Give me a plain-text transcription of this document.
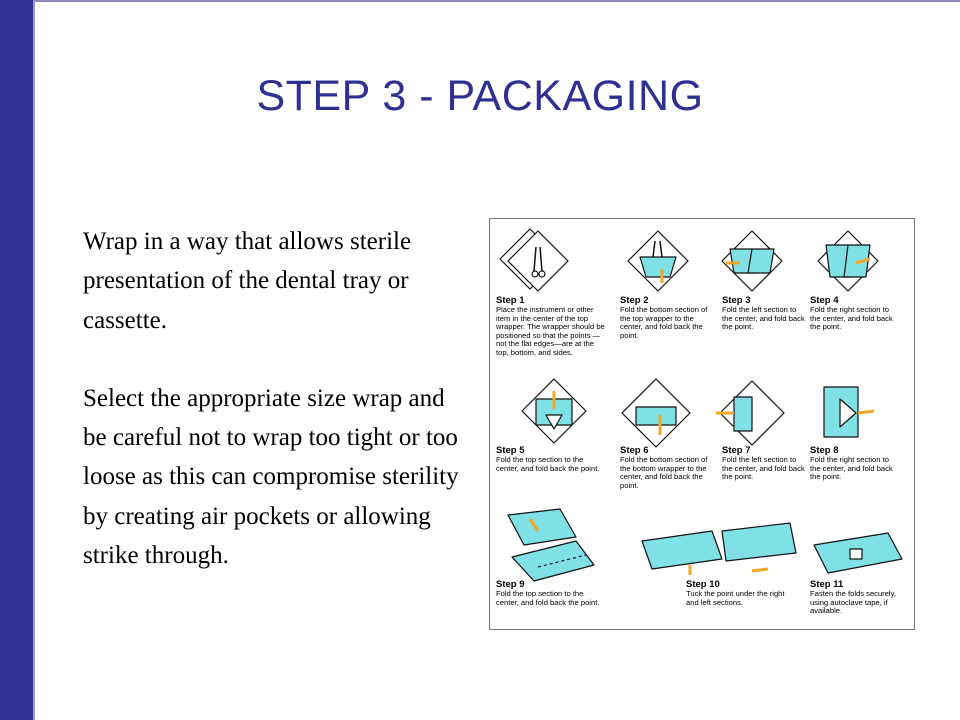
STEP 3 - PACKAGING

Wrap in a way that allows sterile presentation of the dental tray or cassette.

Select the appropriate size wrap and be careful not to wrap too tight or too loose as this can compromise sterility by creating air pockets or allowing strike through.

Step 1
Place the instrument or other item in the center of the top wrapper. The wrapper should be positioned so that the points —not the flat edges—are at the top, bottom, and sides.
Step 2
Fold the bottom section of the top wrapper to the center, and fold back the point.
Step 3
Fold the left section to the center, and fold back the point.
Step 4
Fold the right section to the center, and fold back the point.
Step 5
Fold the top section to the center, and fold back the point.
Step 6
Fold the bottom section of the bottom wrapper to the center, and fold back the point.
Step 7
Fold the left section to the center, and fold back the point.
Step 8
Fold the right section to the center, and fold back the point.
Step 9
Fold the top section to the center, and fold back the point.
Step 10
Tuck the point under the right and left sections.
Step 11
Fasten the folds securely, using autoclave tape, if available.
